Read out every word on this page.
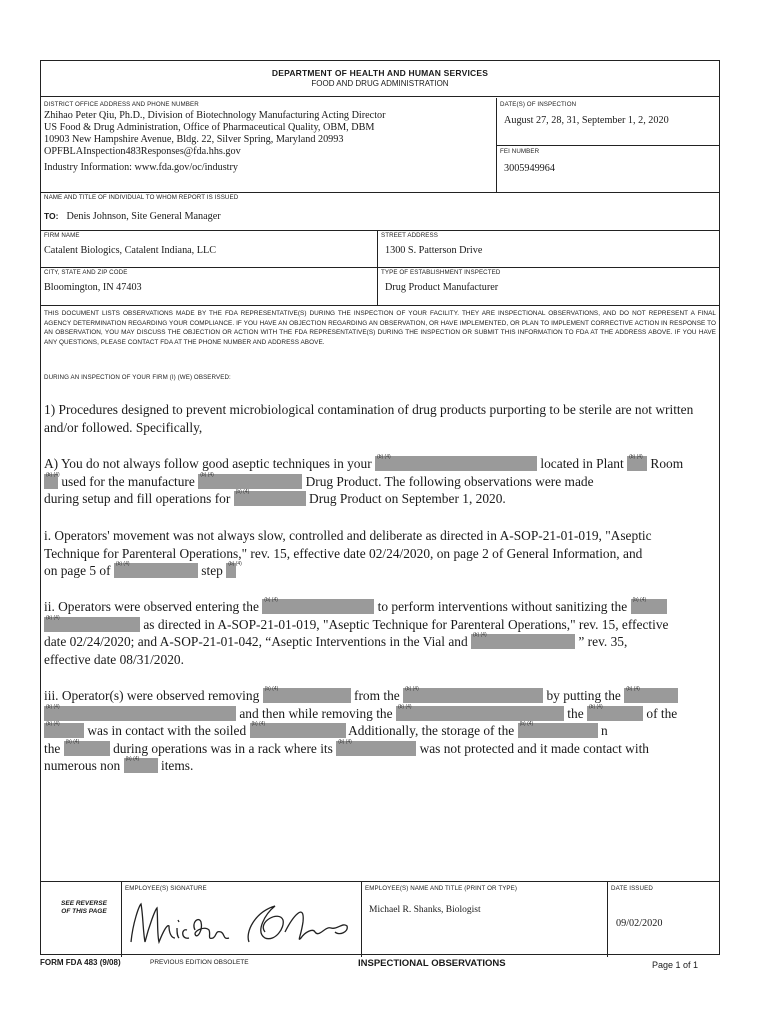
DEPARTMENT OF HEALTH AND HUMAN SERVICES
FOOD AND DRUG ADMINISTRATION
DISTRICT OFFICE ADDRESS AND PHONE NUMBER
Zhihao Peter Qiu, Ph.D., Division of Biotechnology Manufacturing Acting Director
US Food & Drug Administration, Office of Pharmaceutical Quality, OBM, DBM
10903 New Hampshire Avenue, Bldg. 22, Silver Spring, Maryland 20993
OPFBLAInspection483Responses@fda.hhs.gov
Industry Information: www.fda.gov/oc/industry
DATE(S) OF INSPECTION
August 27, 28, 31, September 1, 2, 2020
FEI NUMBER
3005949964
NAME AND TITLE OF INDIVIDUAL TO WHOM REPORT IS ISSUED
TO: Denis Johnson, Site General Manager
FIRM NAME
Catalent Biologics, Catalent Indiana, LLC
STREET ADDRESS
1300 S. Patterson Drive
CITY, STATE AND ZIP CODE
Bloomington, IN 47403
TYPE OF ESTABLISHMENT INSPECTED
Drug Product Manufacturer
THIS DOCUMENT LISTS OBSERVATIONS MADE BY THE FDA REPRESENTATIVE(S) DURING THE INSPECTION OF YOUR FACILITY. THEY ARE INSPECTIONAL OBSERVATIONS, AND DO NOT REPRESENT A FINAL AGENCY DETERMINATION REGARDING YOUR COMPLIANCE. IF YOU HAVE AN OBJECTION REGARDING AN OBSERVATION, OR HAVE IMPLEMENTED, OR PLAN TO IMPLEMENT CORRECTIVE ACTION IN RESPONSE TO AN OBSERVATION, YOU MAY DISCUSS THE OBJECTION OR ACTION WITH THE FDA REPRESENTATIVE(S) DURING THE INSPECTION OR SUBMIT THIS INFORMATION TO FDA AT THE ADDRESS ABOVE. IF YOU HAVE ANY QUESTIONS, PLEASE CONTACT FDA AT THE PHONE NUMBER AND ADDRESS ABOVE.
DURING AN INSPECTION OF YOUR FIRM (I) (WE) OBSERVED:
1) Procedures designed to prevent microbiological contamination of drug products purporting to be sterile are not written and/or followed. Specifically,
A) You do not always follow good aseptic techniques in your (b) (4)	located in Plant (b) (4) Room
(b) (4) used for the manufacture (b) (4)	Drug Product. The following observations were made
during setup and fill operations for (b) (4)	Drug Product on September 1, 2020.
i. Operators' movement was not always slow, controlled and deliberate as directed in A-SOP-21-01-019, "Aseptic
Technique for Parenteral Operations," rev. 15, effective date 02/24/2020, on page 2 of General Information, and
on page 5 of (b) (4)	step (b) (4)
ii. Operators were observed entering the (b) (4)	to perform interventions without sanitizing the (b) (4)
(b) (4)	as directed in A-SOP-21-01-019, "Aseptic Technique for Parenteral Operations," rev. 15, effective
date 02/24/2020; and A-SOP-21-01-042, “Aseptic Interventions in the Vial and (b) (4)	” rev. 35,
effective date 08/31/2020.
iii. Operator(s) were observed removing (b) (4)	from the (b) (4)	by putting the (b) (4)
(b) (4)	and then while removing the (b) (4)	the (b) (4)	of the
(b) (4) was in contact with the soiled (b) (4)	Additionally, the storage of the (b) (4)	n
the (b) (4)	during operations was in a rack where its (b) (4)	was not protected and it made contact with
numerous non (b) (4) items.
SEE REVERSE OF THIS PAGE
EMPLOYEE(S) SIGNATURE	EMPLOYEE(S) NAME AND TITLE (PRINT OR TYPE)
Michael R. Shanks, Biologist
DATE ISSUED
09/02/2020
FORM FDA 483 (9/08)	PREVIOUS EDITION OBSOLETE	INSPECTIONAL OBSERVATIONS	Page 1 of 1
